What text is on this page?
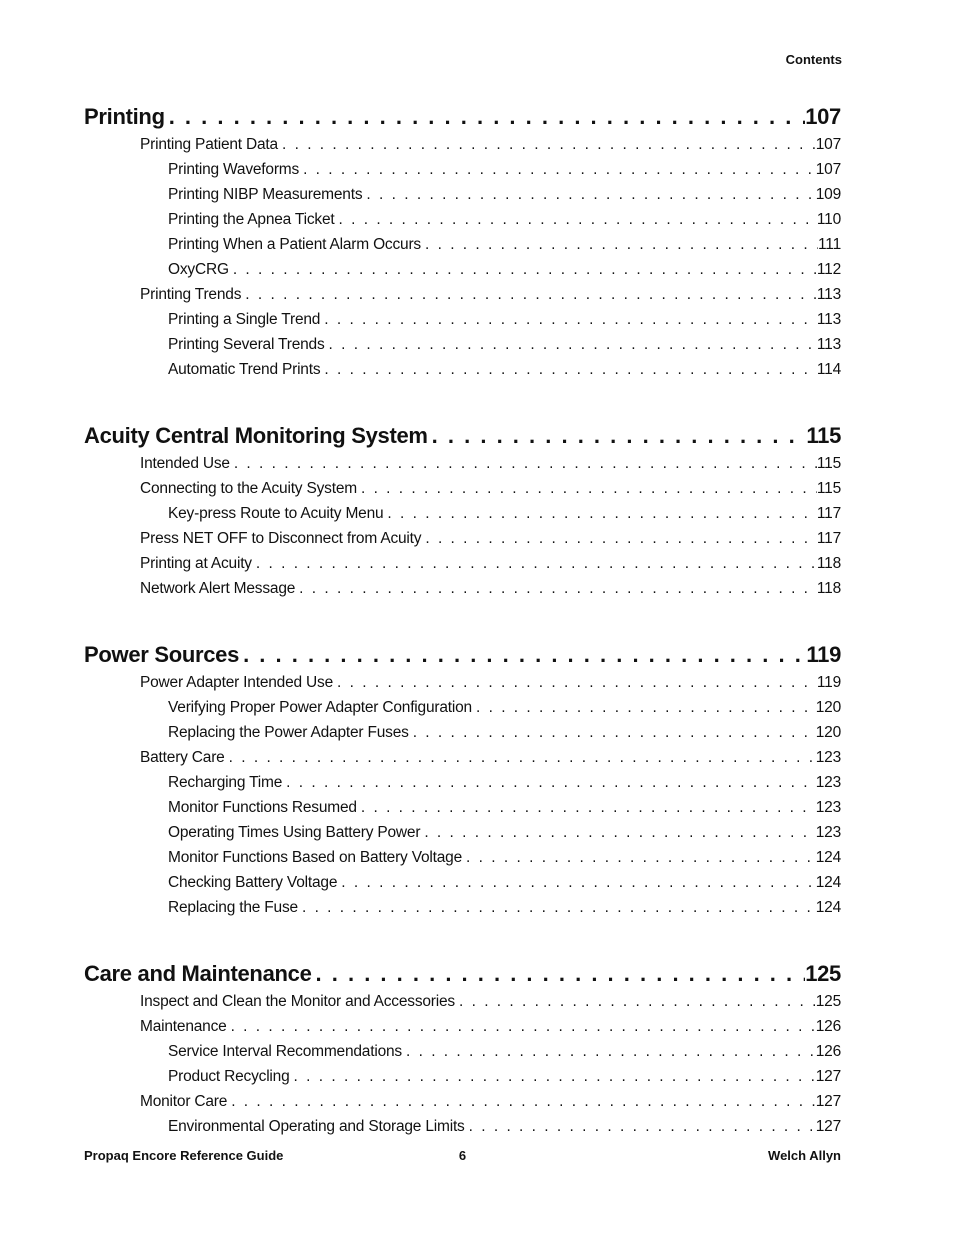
Contents
Printing . . .	107
Printing Patient Data . . .	107
Printing Waveforms . . .	107
Printing NIBP Measurements . . .	109
Printing the Apnea Ticket . . .	110
Printing When a Patient Alarm Occurs . . .	111
OxyCRG . . .	112
Printing Trends . . .	113
Printing a Single Trend . . .	113
Printing Several Trends . . .	113
Automatic Trend Prints . . .	114
Acuity Central Monitoring System . . .	115
Intended Use . . .	115
Connecting to the Acuity System . . .	115
Key-press Route to Acuity Menu . . .	117
Press NET OFF to Disconnect from Acuity . . .	117
Printing at Acuity . . .	118
Network Alert Message . . .	118
Power Sources . . .	119
Power Adapter Intended Use . . .	119
Verifying Proper Power Adapter Configuration . . .	120
Replacing the Power Adapter Fuses . . .	120
Battery Care . . .	123
Recharging Time . . .	123
Monitor Functions Resumed . . .	123
Operating Times Using Battery Power . . .	123
Monitor Functions Based on Battery Voltage . . .	124
Checking Battery Voltage . . .	124
Replacing the Fuse . . .	124
Care and Maintenance . . .	125
Inspect and Clean the Monitor and Accessories . . .	125
Maintenance . . .	126
Service Interval Recommendations . . .	126
Product Recycling . . .	127
Monitor Care . . .	127
Environmental Operating and Storage Limits . . .	127
Propaq Encore Reference Guide	6	Welch Allyn
